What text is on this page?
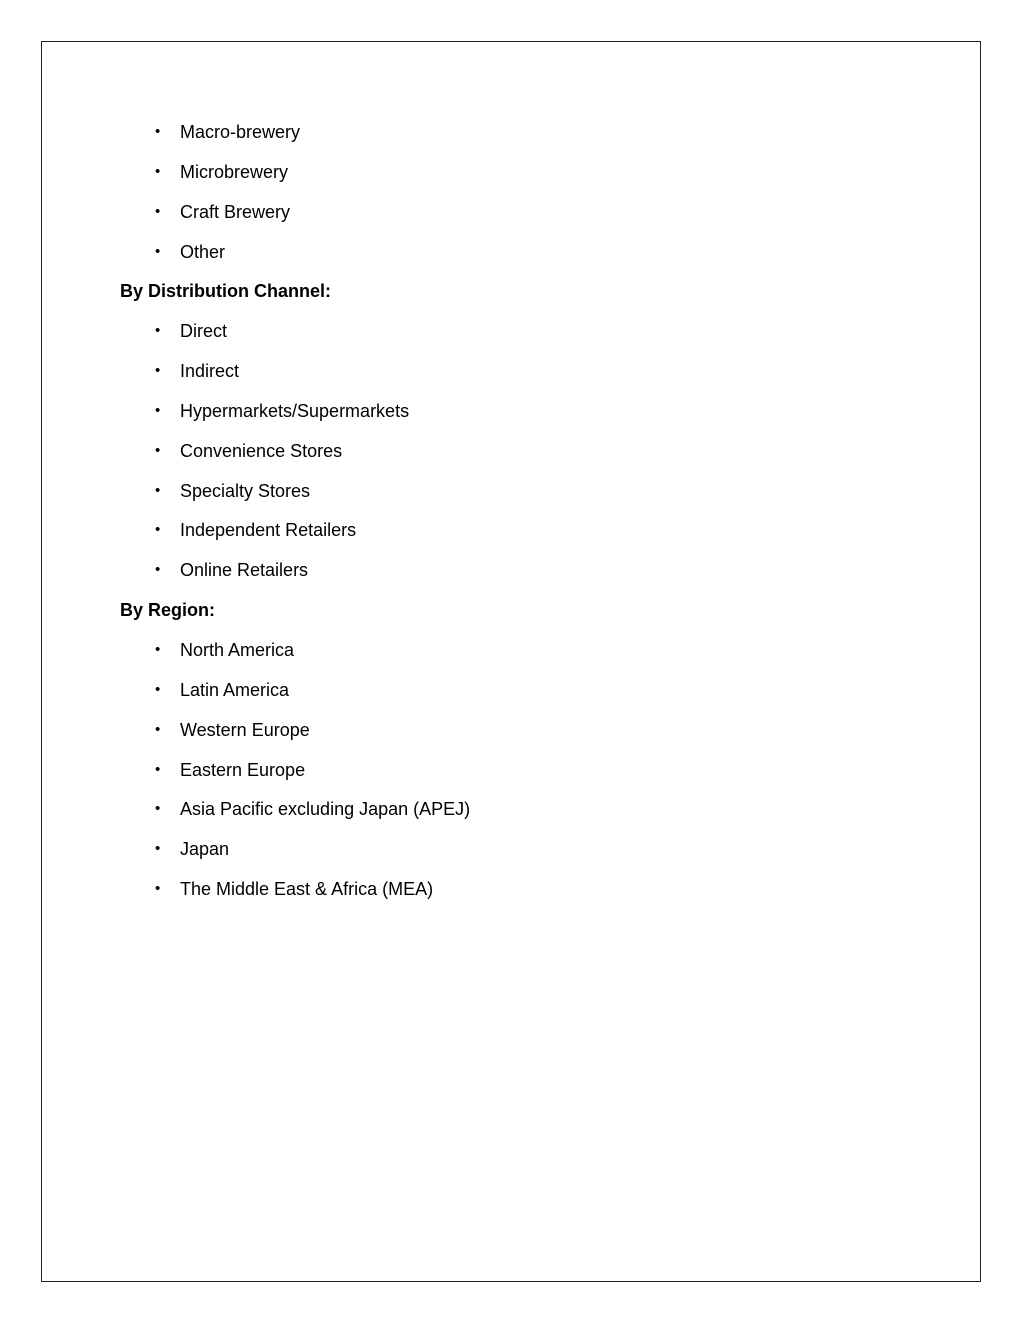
•	Macro-brewery
•	Microbrewery
•	Craft Brewery
•	Other
By Distribution Channel:
•	Direct
•	Indirect
•	Hypermarkets/Supermarkets
•	Convenience Stores
•	Specialty Stores
•	Independent Retailers
•	Online Retailers
By Region:
•	North America
•	Latin America
•	Western Europe
•	Eastern Europe
•	Asia Pacific excluding Japan (APEJ)
•	Japan
•	The Middle East & Africa (MEA)
